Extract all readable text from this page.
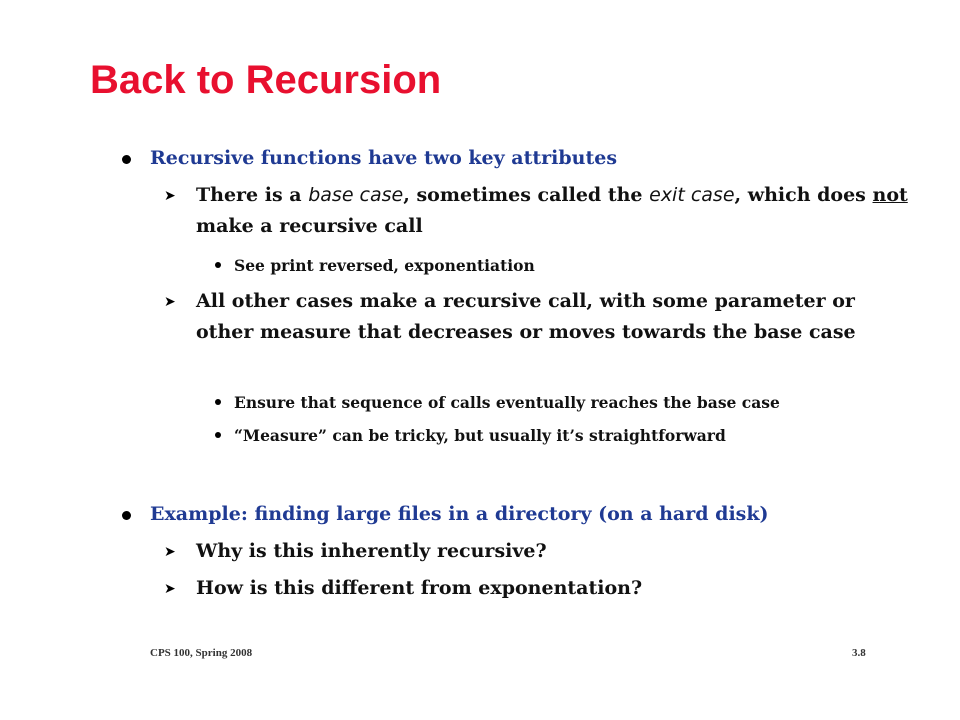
Back to Recursion
Recursive functions have two key attributes
➤ There is a base case, sometimes called the exit case, which does not make a recursive call
See print reversed, exponentiation
➤ All other cases make a recursive call, with some parameter or other measure that decreases or moves towards the base case
Ensure that sequence of calls eventually reaches the base case
“Measure” can be tricky, but usually it’s straightforward
Example: finding large files in a directory (on a hard disk)
➤ Why is this inherently recursive?
➤ How is this different from exponentation?
CPS 100, Spring 2008	3.8
